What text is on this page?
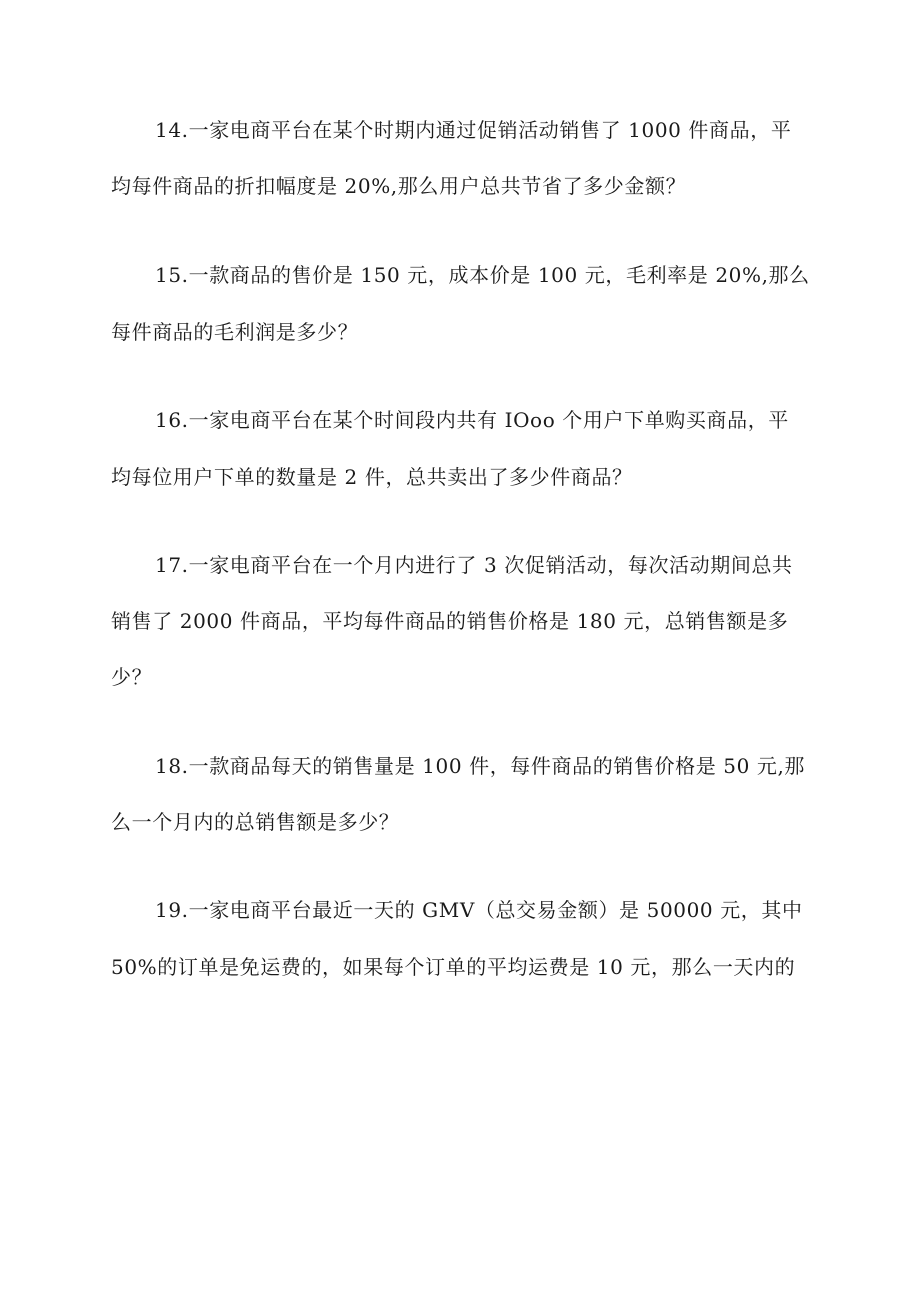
14.一家电商平台在某个时期内通过促销活动销售了 1000 件商品，平
均每件商品的折扣幅度是 20%,那么用户总共节省了多少金额？
15.一款商品的售价是 150 元，成本价是 100 元，毛利率是 20%,那么
每件商品的毛利润是多少？
16.一家电商平台在某个时间段内共有 IOoo 个用户下单购买商品，平
均每位用户下单的数量是 2 件，总共卖出了多少件商品？
17.一家电商平台在一个月内进行了 3 次促销活动，每次活动期间总共
销售了 2000 件商品，平均每件商品的销售价格是 180 元，总销售额是多
少？
18.一款商品每天的销售量是 100 件，每件商品的销售价格是 50 元,那
么一个月内的总销售额是多少？
19.一家电商平台最近一天的 GMV（总交易金额）是 50000 元，其中
50%的订单是免运费的，如果每个订单的平均运费是 10 元，那么一天内的
